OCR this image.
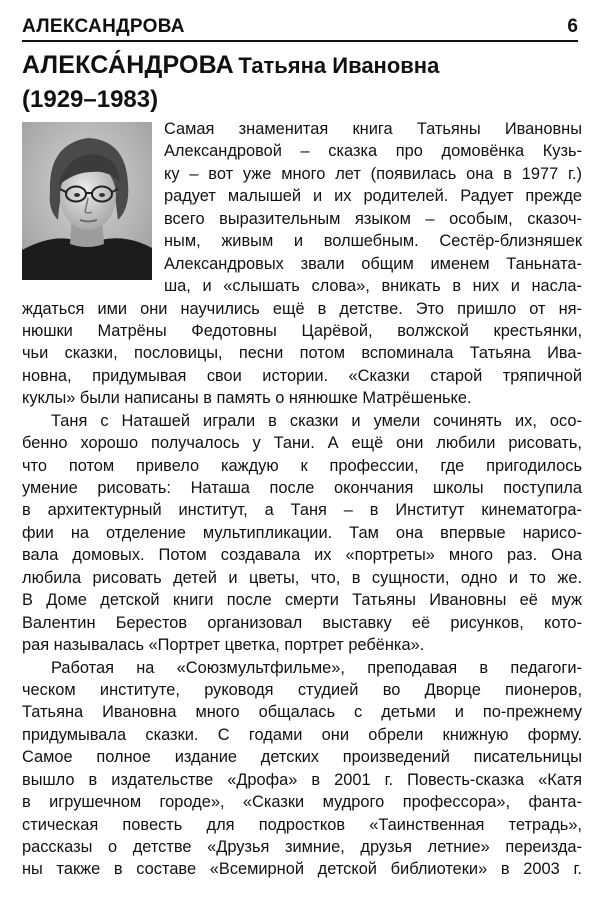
АЛЕКСАНДРОВА	6
АЛЕКСА́НДРОВА Татьяна Ивановна
(1929–1983)
Самая знаменитая книга Татьяны Ивановны
Александровой – сказка про домовёнка Кузь-
ку – вот уже много лет (появилась она в 1977 г.)
радует малышей и их родителей. Радует прежде
всего выразительным языком – особым, сказоч-
ным, живым и волшебным. Сестёр-близняшек
Александровых звали общим именем Таньната-
ша, и «слышать слова», вникать в них и насла-
ждаться ими они научились ещё в детстве. Это пришло от ня-
нюшки Матрёны Федотовны Царёвой, волжской крестьянки,
чьи сказки, пословицы, песни потом вспоминала Татьяна Ива-
новна, придумывая свои истории. «Сказки старой тряпичной
куклы» были написаны в память о нянюшке Матрёшеньке.
Таня с Наташей играли в сказки и умели сочинять их, осо-
бенно хорошо получалось у Тани. А ещё они любили рисовать,
что потом привело каждую к профессии, где пригодилось
умение рисовать: Наташа после окончания школы поступила
в архитектурный институт, а Таня – в Институт кинематогра-
фии на отделение мультипликации. Там она впервые нарисо-
вала домовых. Потом создавала их «портреты» много раз. Она
любила рисовать детей и цветы, что, в сущности, одно и то же.
В Доме детской книги после смерти Татьяны Ивановны её муж
Валентин Берестов организовал выставку её рисунков, кото-
рая называлась «Портрет цветка, портрет ребёнка».
Работая на «Союзмультфильме», преподавая в педагоги-
ческом институте, руководя студией во Дворце пионеров,
Татьяна Ивановна много общалась с детьми и по-прежнему
придумывала сказки. С годами они обрели книжную форму.
Самое полное издание детских произведений писательницы
вышло в издательстве «Дрофа» в 2001 г. Повесть-сказка «Катя
в игрушечном городе», «Сказки мудрого профессора», фанта-
стическая повесть для подростков «Таинственная тетрадь»,
рассказы о детстве «Друзья зимние, друзья летние» переизда-
ны также в составе «Всемирной детской библиотеки» в 2003 г.
